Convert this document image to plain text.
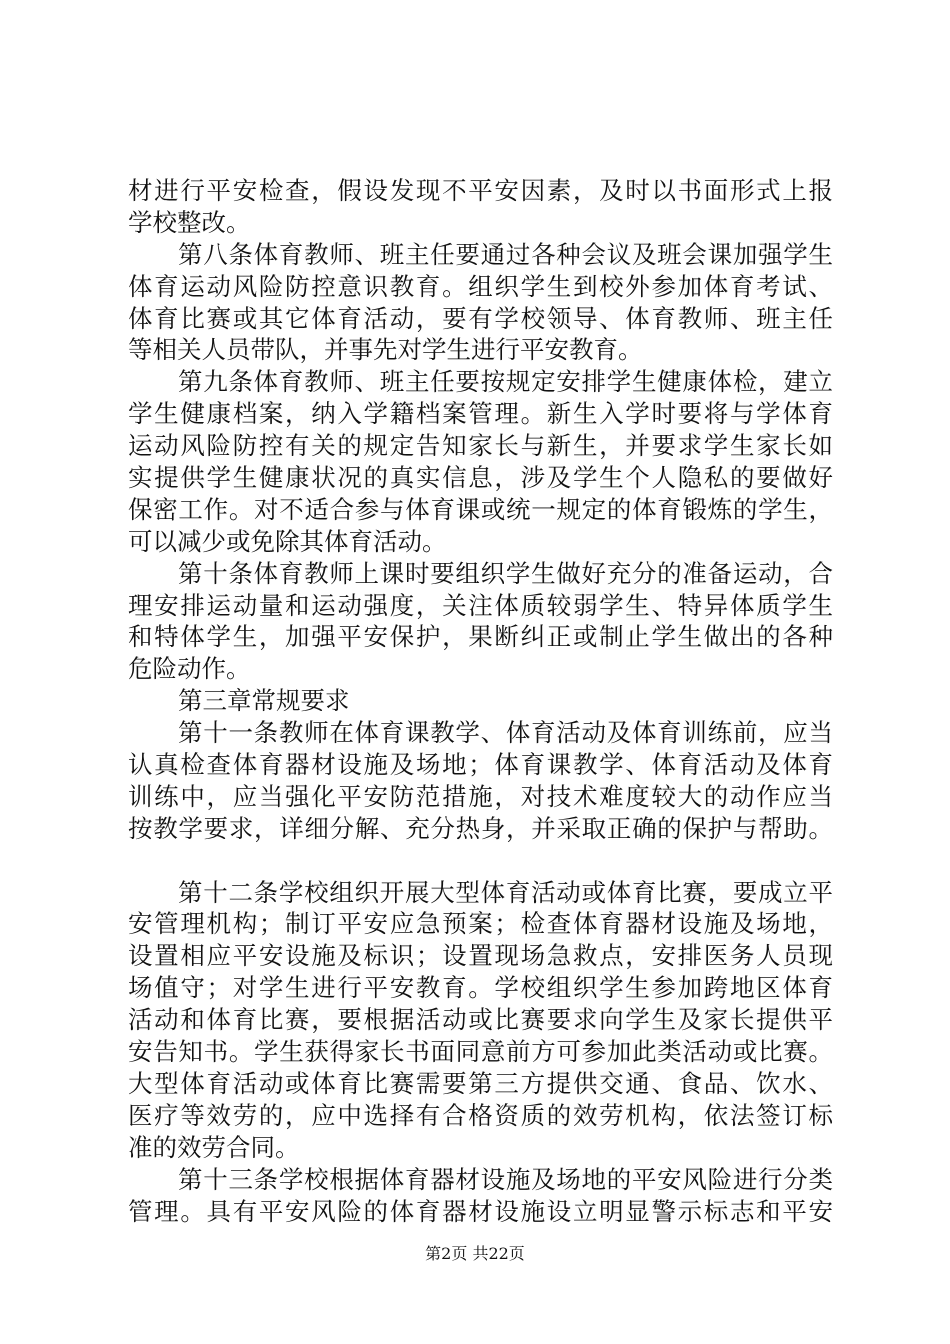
材进行平安检查，假设发现不平安因素，及时以书面形式上报
学校整改。
第八条体育教师、班主任要通过各种会议及班会课加强学生
体育运动风险防控意识教育。组织学生到校外参加体育考试、
体育比赛或其它体育活动，要有学校领导、体育教师、班主任
等相关人员带队，并事先对学生进行平安教育。
第九条体育教师、班主任要按规定安排学生健康体检，建立
学生健康档案，纳入学籍档案管理。新生入学时要将与学体育
运动风险防控有关的规定告知家长与新生，并要求学生家长如
实提供学生健康状况的真实信息，涉及学生个人隐私的要做好
保密工作。对不适合参与体育课或统一规定的体育锻炼的学生，
可以减少或免除其体育活动。
第十条体育教师上课时要组织学生做好充分的准备运动，合
理安排运动量和运动强度，关注体质较弱学生、特异体质学生
和特体学生，加强平安保护，果断纠正或制止学生做出的各种
危险动作。
第三章常规要求
第十一条教师在体育课教学、体育活动及体育训练前，应当
认真检查体育器材设施及场地；体育课教学、体育活动及体育
训练中，应当强化平安防范措施，对技术难度较大的动作应当
按教学要求，详细分解、充分热身，并采取正确的保护与帮助。
第十二条学校组织开展大型体育活动或体育比赛，要成立平
安管理机构；制订平安应急预案；检查体育器材设施及场地，
设置相应平安设施及标识；设置现场急救点，安排医务人员现
场值守；对学生进行平安教育。学校组织学生参加跨地区体育
活动和体育比赛，要根据活动或比赛要求向学生及家长提供平
安告知书。学生获得家长书面同意前方可参加此类活动或比赛。
大型体育活动或体育比赛需要第三方提供交通、食品、饮水、
医疗等效劳的，应中选择有合格资质的效劳机构，依法签订标
准的效劳合同。
第十三条学校根据体育器材设施及场地的平安风险进行分类
管理。具有平安风险的体育器材设施设立明显警示标志和平安
第2页 共22页
